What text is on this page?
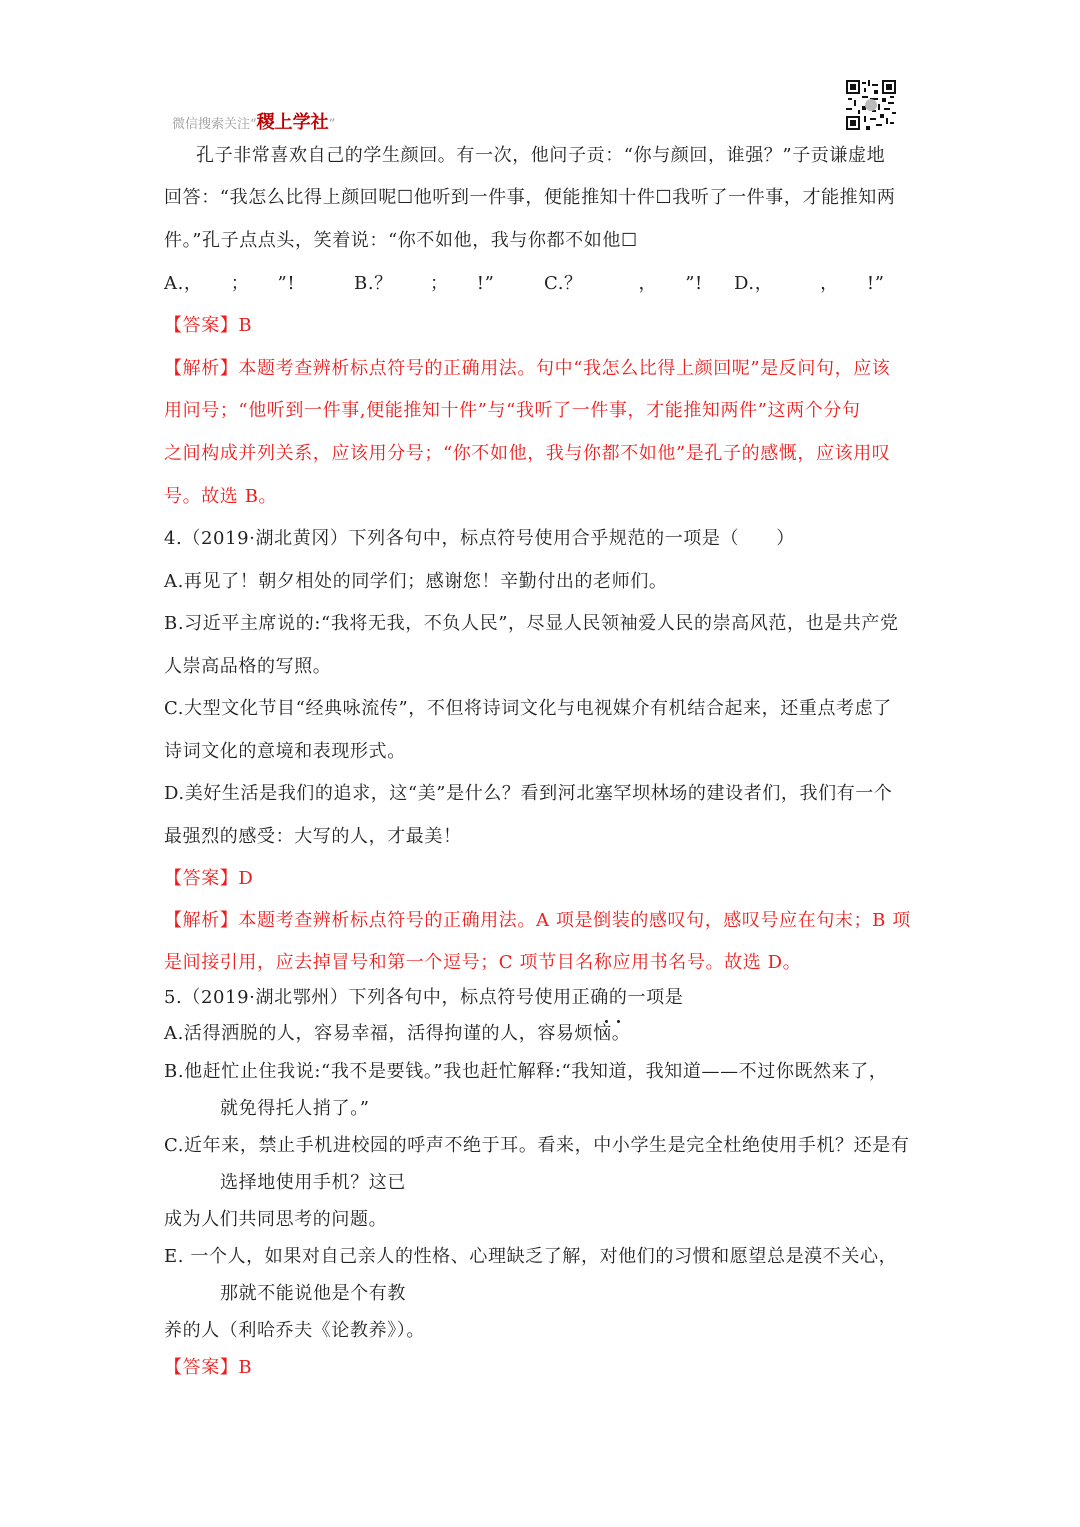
微信搜索关注“稷上学社”
孔子非常喜欢自己的学生颜回。有一次，他问子贡：“你与颜回，谁强？”子贡谦虚地
回答：“我怎么比得上颜回呢☐他听到一件事，便能推知十件☐我听了一件事，才能推知两
件。”孔子点点头，笑着说：“你不如他，我与你都不如他☐
A.，　　；　　”!	B.？　　；　　!”	C.？　　　，　　”! D.，　　　，　　!”
【答案】B
【解析】本题考查辨析标点符号的正确用法。句中“我怎么比得上颜回呢”是反问句，应该
用问号；“他听到一件事,便能推知十件”与“我听了一件事，才能推知两件”这两个分句
之间构成并列关系，应该用分号；“你不如他，我与你都不如他”是孔子的感慨，应该用叹
号。故选 B。
4.（2019·湖北黄冈）下列各句中，标点符号使用合乎规范的一项是（　　）
A.再见了！朝夕相处的同学们；感谢您！辛勤付出的老师们。
B.习近平主席说的:“我将无我，不负人民”，尽显人民领袖爱人民的崇高风范，也是共产党
人崇高品格的写照。
C.大型文化节目“经典咏流传”，不但将诗词文化与电视媒介有机结合起来，还重点考虑了
诗词文化的意境和表现形式。
D.美好生活是我们的追求，这“美”是什么？看到河北塞罕坝林场的建设者们，我们有一个
最强烈的感受：大写的人，才最美！
【答案】D
【解析】本题考查辨析标点符号的正确用法。A 项是倒装的感叹句，感叹号应在句末；B 项
是间接引用，应去掉冒号和第一个逗号；C 项节目名称应用书名号。故选 D。
5.（2019·湖北鄂州）下列各句中，标点符号使用正确的一项是
A.活得洒脱的人，容易幸福，活得拘谨的人，容易烦恼。
B.他赶忙止住我说:“我不是要钱。”我也赶忙解释:“我知道，我知道——不过你既然来了，
就免得托人捎了。”
C.近年来，禁止手机进校园的呼声不绝于耳。看来，中小学生是完全杜绝使用手机？还是有
选择地使用手机？这已
成为人们共同思考的问题。
E. 一个人，如果对自己亲人的性格、心理缺乏了解，对他们的习惯和愿望总是漠不关心，
那就不能说他是个有教
养的人（利哈乔夫《论教养》）。
【答案】B
